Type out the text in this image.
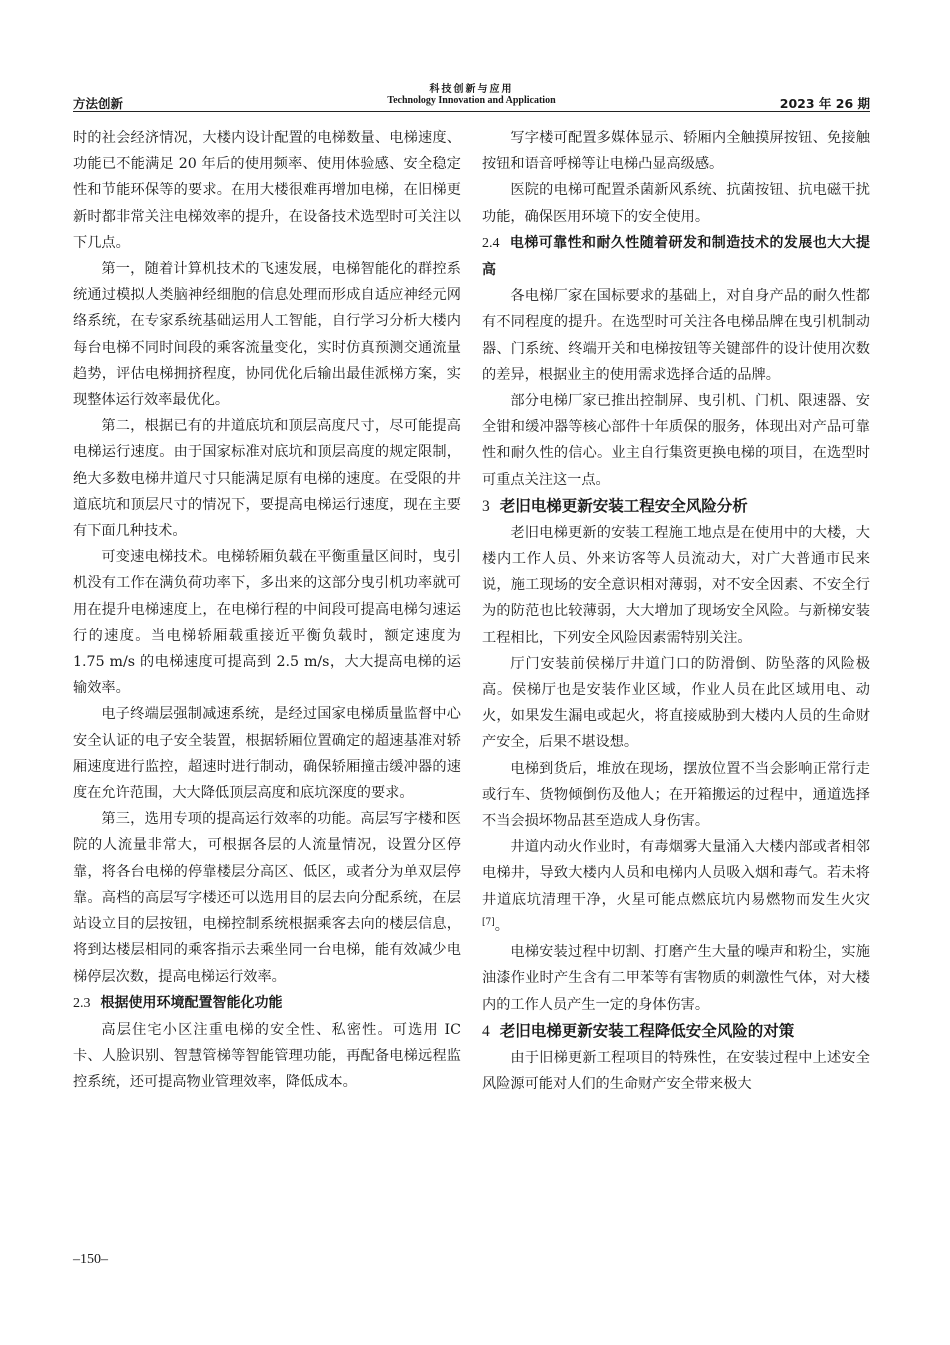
科技创新与应用
Technology Innovation and Application
方法创新	2023 年 26 期

时的社会经济情况，大楼内设计配置的电梯数量、电梯速度、功能已不能满足 20 年后的使用频率、使用体验感、安全稳定性和节能环保等的要求。在用大楼很难再增加电梯，在旧梯更新时都非常关注电梯效率的提升，在设备技术选型时可关注以下几点。

第一，随着计算机技术的飞速发展，电梯智能化的群控系统通过模拟人类脑神经细胞的信息处理而形成自适应神经元网络系统，在专家系统基础运用人工智能，自行学习分析大楼内每台电梯不同时间段的乘客流量变化，实时仿真预测交通流量趋势，评估电梯拥挤程度，协同优化后输出最佳派梯方案，实现整体运行效率最优化。

第二，根据已有的井道底坑和顶层高度尺寸，尽可能提高电梯运行速度。由于国家标准对底坑和顶层高度的规定限制，绝大多数电梯井道尺寸只能满足原有电梯的速度。在受限的井道底坑和顶层尺寸的情况下，要提高电梯运行速度，现在主要有下面几种技术。

可变速电梯技术。电梯轿厢负载在平衡重量区间时，曳引机没有工作在满负荷功率下，多出来的这部分曳引机功率就可用在提升电梯速度上，在电梯行程的中间段可提高电梯匀速运行的速度。当电梯轿厢载重接近平衡负载时，额定速度为 1.75 m/s 的电梯速度可提高到 2.5 m/s，大大提高电梯的运输效率。

电子终端层强制减速系统，是经过国家电梯质量监督中心安全认证的电子安全装置，根据轿厢位置确定的超速基准对轿厢速度进行监控，超速时进行制动，确保轿厢撞击缓冲器的速度在允许范围，大大降低顶层高度和底坑深度的要求。

第三，选用专项的提高运行效率的功能。高层写字楼和医院的人流量非常大，可根据各层的人流量情况，设置分区停靠，将各台电梯的停靠楼层分高区、低区，或者分为单双层停靠。高档的高层写字楼还可以选用目的层去向分配系统，在层站设立目的层按钮，电梯控制系统根据乘客去向的楼层信息，将到达楼层相同的乘客指示去乘坐同一台电梯，能有效减少电梯停层次数，提高电梯运行效率。

2.3 根据使用环境配置智能化功能

高层住宅小区注重电梯的安全性、私密性。可选用 IC 卡、人脸识别、智慧管梯等智能管理功能，再配备电梯远程监控系统，还可提高物业管理效率，降低成本。

写字楼可配置多媒体显示、轿厢内全触摸屏按钮、免接触按钮和语音呼梯等让电梯凸显高级感。

医院的电梯可配置杀菌新风系统、抗菌按钮、抗电磁干扰功能，确保医用环境下的安全使用。

2.4 电梯可靠性和耐久性随着研发和制造技术的发展也大大提高

各电梯厂家在国标要求的基础上，对自身产品的耐久性都有不同程度的提升。在选型时可关注各电梯品牌在曳引机制动器、门系统、终端开关和电梯按钮等关键部件的设计使用次数的差异，根据业主的使用需求选择合适的品牌。

部分电梯厂家已推出控制屏、曳引机、门机、限速器、安全钳和缓冲器等核心部件十年质保的服务，体现出对产品可靠性和耐久性的信心。业主自行集资更换电梯的项目，在选型时可重点关注这一点。

3 老旧电梯更新安装工程安全风险分析

老旧电梯更新的安装工程施工地点是在使用中的大楼，大楼内工作人员、外来访客等人员流动大，对广大普通市民来说，施工现场的安全意识相对薄弱，对不安全因素、不安全行为的防范也比较薄弱，大大增加了现场安全风险。与新梯安装工程相比，下列安全风险因素需特别关注。

厅门安装前侯梯厅井道门口的防滑倒、防坠落的风险极高。侯梯厅也是安装作业区域，作业人员在此区域用电、动火，如果发生漏电或起火，将直接威胁到大楼内人员的生命财产安全，后果不堪设想。

电梯到货后，堆放在现场，摆放位置不当会影响正常行走或行车、货物倾倒伤及他人；在开箱搬运的过程中，通道选择不当会损坏物品甚至造成人身伤害。

井道内动火作业时，有毒烟雾大量涌入大楼内部或者相邻电梯井，导致大楼内人员和电梯内人员吸入烟和毒气。若未将井道底坑清理干净，火星可能点燃底坑内易燃物而发生火灾[7]。

电梯安装过程中切割、打磨产生大量的噪声和粉尘，实施油漆作业时产生含有二甲苯等有害物质的刺激性气体，对大楼内的工作人员产生一定的身体伤害。

4 老旧电梯更新安装工程降低安全风险的对策

由于旧梯更新工程项目的特殊性，在安装过程中上述安全风险源可能对人们的生命财产安全带来极大

–150–
